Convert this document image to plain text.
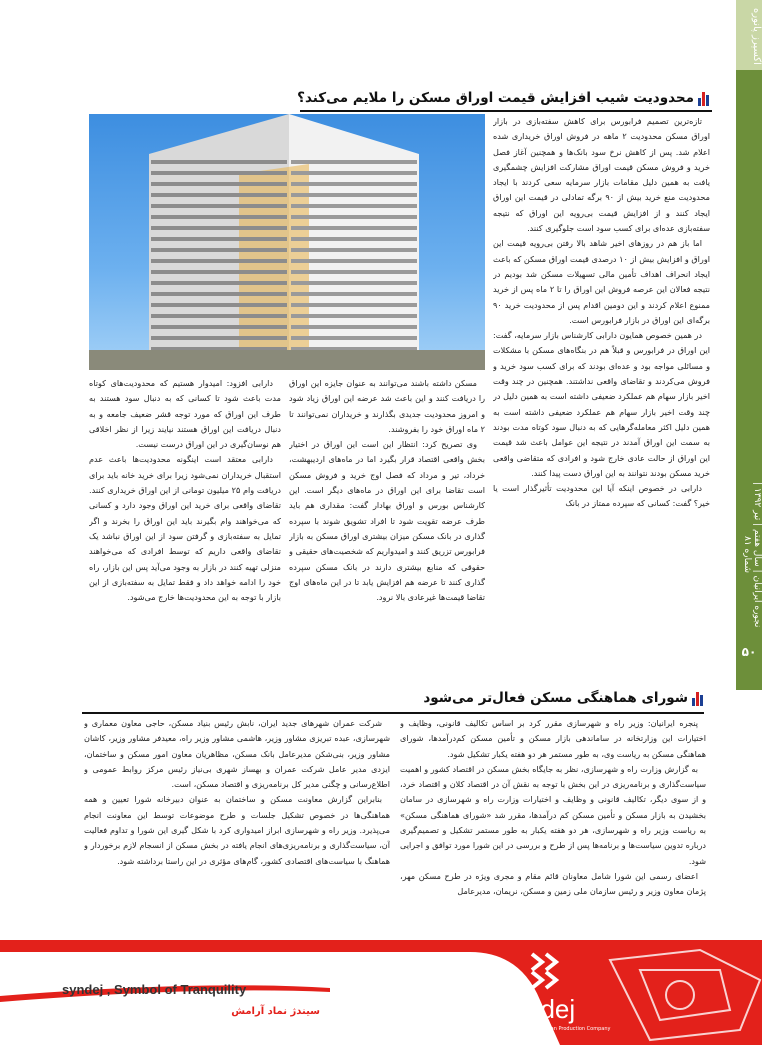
اکسپرز پانوره
نجوره ایرانیان | سال هفتم | تیر ۱۳۹۲ | شماره ۸۱
۵۰
محدودیت شیب افزایش قیمت اوراق مسکن را ملایم می‌کند؟

تازه‌ترین تصمیم فرابورس برای کاهش سفته‌بازی در بازار اوراق مسکن محدودیت ۲ ماهه در فروش اوراق خریداری شده اعلام شد. پس از کاهش نرخ سود بانک‌ها و همچنین آغاز فصل خرید و فروش مسکن قیمت اوراق مشارکت افزایش چشمگیری یافت به همین دلیل مقامات بازار سرمایه سعی کردند با ایجاد محدودیت منع خرید بیش از ۹۰ برگه تمادلی در قیمت این اوراق ایجاد کنند و از افزایش قیمت بی‌رویه این اوراق که نتیجه سفته‌بازی عده‌ای برای کسب سود است جلوگیری کنند.

اما باز هم در روزهای اخیر شاهد بالا رفتن بی‌رویه قیمت این اوراق و افزایش بیش از ۱۰ درصدی قیمت اوراق مسکن که باعث ایجاد انحراف اهداف تأمین مالی تسهیلات مسکن شد بودیم در نتیجه فعالان این عرصه فروش این اوراق را تا ۲ ماه پس از خرید ممنوع اعلام کردند و این دومین اقدام پس از محدودیت خرید ۹۰ برگه‌ای این اوراق در بازار فرابورس است.

در همین خصوص همایون دارابی کارشناس بازار سرمایه، گفت: این اوراق در فرابورس و قبلاً هم در بنگاه‌های مسکن با مشکلات و مسائلی مواجه بود و عده‌ای بودند که برای کسب سود خرید و فروش می‌کردند و تقاضای واقعی نداشتند. همچنین در چند وقت اخیر بازار سهام هم عملکرد ضعیفی داشته است به همین دلیل در چند وقت اخیر بازار سهام هم عملکرد ضعیفی داشته است به همین دلیل اکثر معامله‌گرهایی که به دنبال سود کوتاه مدت بودند به سمت این اوراق آمدند در نتیجه این عوامل باعث شد قیمت این اوراق از حالت عادی خارج شود و افرادی که متقاضی واقعی خرید مسکن بودند نتوانند به این اوراق دست پیدا کنند.

دارابی در خصوص اینکه آیا این محدودیت تأثیرگذار است یا خیر؟ گفت: کسانی که سپرده ممتاز در بانک

مسکن داشته باشند می‌توانند به عنوان جایزه این اوراق را دریافت کنند و این باعث شد عرضه این اوراق زیاد شود و امروز محدودیت جدیدی بگذارند و خریداران نمی‌توانند تا ۲ ماه اوراق خود را بفروشند.

وی تصریح کرد: انتظار این است این اوراق در اختیار بخش واقعی اقتصاد قرار بگیرد اما در ماه‌های اردیبهشت، خرداد، تیر و مرداد که فصل اوج خرید و فروش مسکن است تقاضا برای این اوراق در ماه‌های دیگر است. این کارشناس بورس و اوراق بهادار گفت: مقداری هم باید طرف عرضه تقویت شود تا افراد تشویق شوند با سپرده گذاری در بانک مسکن میزان بیشتری اوراق مسکن به بازار فرابورس تزریق کنند و امیدواریم که شخصیت‌های حقیقی و حقوقی که منابع بیشتری دارند در بانک مسکن سپرده گذاری کنند تا عرضه هم افزایش یابد تا در این ماه‌های اوج تقاضا قیمت‌ها غیرعادی بالا نرود.

دارابی افزود: امیدوار هستیم که محدودیت‌های کوتاه مدت باعث شود تا کسانی که به دنبال سود هستند به طرف این اوراق که مورد توجه قشر ضعیف جامعه و به دنبال دریافت این اوراق هستند نیایند زیرا از نظر اخلاقی هم نوسان‌گیری در این اوراق درست نیست.

دارابی معتقد است اینگونه محدودیت‌ها باعث عدم استقبال خریداران نمی‌شود زیرا برای خرید خانه باید برای دریافت وام ۲۵ میلیون تومانی از این اوراق خریداری کنند. تقاضای واقعی برای خرید این اوراق وجود دارد و کسانی که می‌خواهند وام بگیرند باید این اوراق را بخرند و اگر تمایل به سفته‌بازی و گرفتن سود از این اوراق نباشد یک تقاضای واقعی داریم که توسط افرادی که می‌خواهند منزلی تهیه کنند در بازار به وجود می‌آید پس این بازار، راه خود را ادامه خواهد داد و فقط تمایل به سفته‌بازی از این بازار با توجه به این محدودیت‌ها خارج می‌شود.

شورای هماهنگی مسکن فعال‌تر می‌شود

پنجره ایرانیان: وزیر راه و شهرسازی مقرر کرد بر اساس تکالیف قانونی، وظایف و اختیارات این وزارتخانه در ساماندهی بازار مسکن و تأمین مسکن کم‌درآمدها، شورای هماهنگی مسکن به ریاست وی، به طور مستمر هر دو هفته یکبار تشکیل شود.

به گزارش وزارت راه و شهرسازی، نظر به جایگاه بخش مسکن در اقتصاد کشور و اهمیت سیاست‌گذاری و برنامه‌ریزی در این بخش با توجه به نقش آن در اقتصاد کلان و اقتصاد خرد، و از سوی دیگر، تکالیف قانونی و وظایف و اختیارات وزارت راه و شهرسازی در سامان بخشیدن به بازار مسکن و تأمین مسکن کم درآمدها، مقرر شد «شورای هماهنگی مسکن» به ریاست وزیر راه و شهرسازی، هر دو هفته یکبار به طور مستمر تشکیل و تصمیم‌گیری درباره تدوین سیاست‌ها و برنامه‌ها پس از طرح و بررسی در این شورا مورد توافق و اجرایی شود.

اعضای رسمی این شورا شامل معاونان قائم مقام و مجری ویژه در طرح مسکن مهر، پژمان معاون وزیر و رئیس سازمان ملی زمین و مسکن، نریمان، مدیرعامل

شرکت عمران شهرهای جدید ایران، نابش رئیس بنیاد مسکن، حاجی معاون معماری و شهرسازی، عبده تبریزی مشاور وزیر، هاشمی مشاور وزیر راه، معیدفر مشاور وزیر، کاشان مشاور وزیر، بنی‌شکن مدیرعامل بانک مسکن، مظاهریان معاون امور مسکن و ساختمان، ایزدی مدیر عامل شرکت عمران و بهساز شهری بی‌نیاز رئیس مرکز روابط عمومی و اطلاع‌رسانی و چگنی مدیر کل برنامه‌ریزی و اقتصاد مسکن، است.

بنابراین گزارش معاونت مسکن و ساختمان به عنوان دبیرخانه شورا تعیین و همه هماهنگی‌ها در خصوص تشکیل جلسات و طرح موضوعات توسط این معاونت انجام می‌پذیرد. وزیر راه و شهرسازی ابراز امیدواری کرد با شکل گیری این شورا و تداوم فعالیت آن، سیاست‌گذاری و برنامه‌ریزی‌های انجام یافته در بخش مسکن از انسجام لازم برخوردار و هماهنگ با سیاست‌های اقتصادی کشور، گام‌های مؤثری در این راستا برداشته شود.

syndej , Symbol of Tranquility
سیندژ نماد آرامش	syndej
Zarin Sana Parsian Production Company
